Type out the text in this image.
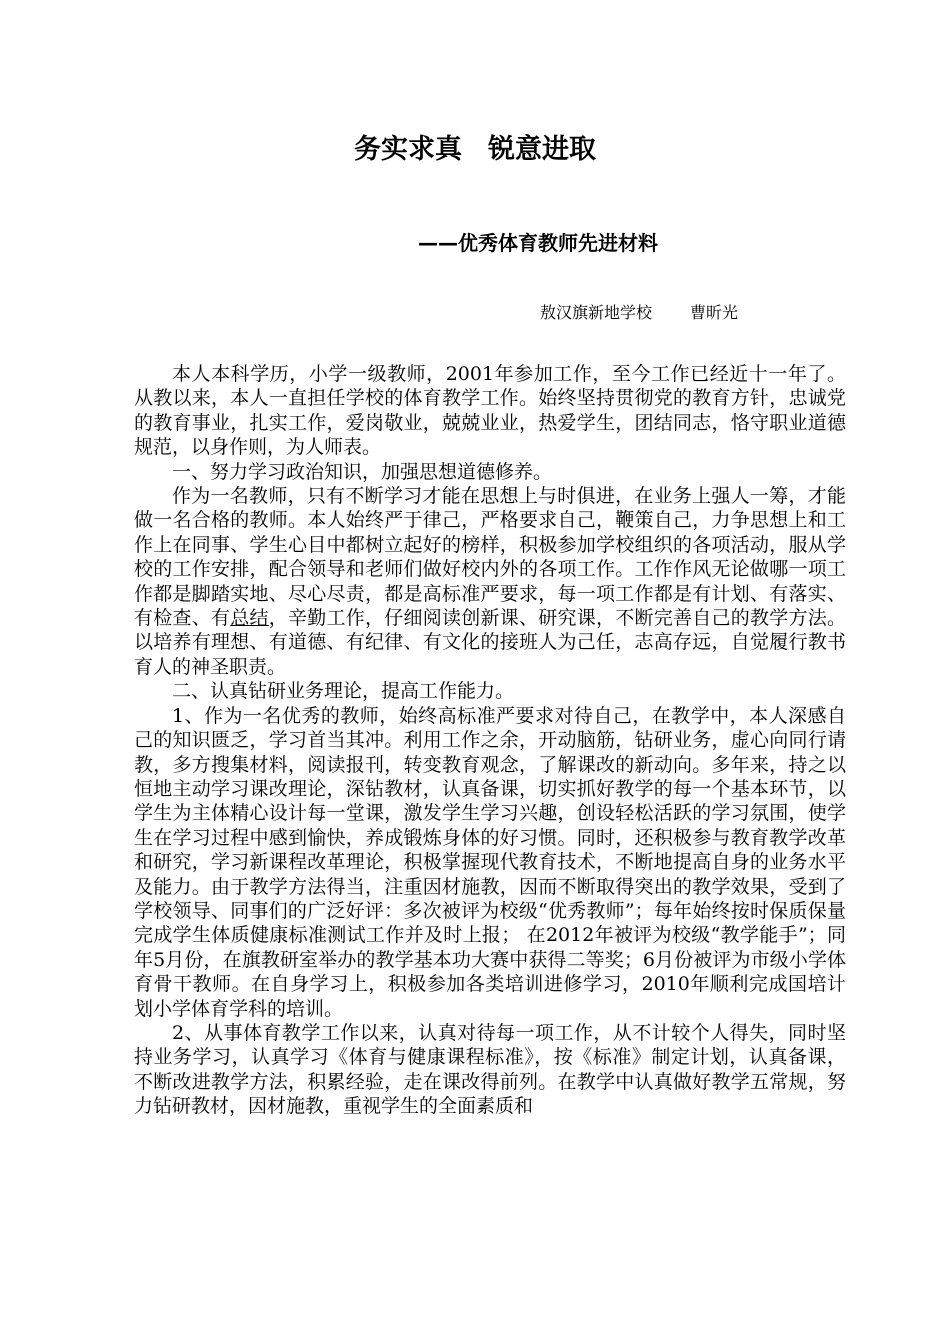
务实求真 锐意进取
——优秀体育教师先进材料
敖汉旗新地学校 曹昕光

本人本科学历，小学一级教师，2001年参加工作，至今工作已经近十一年了。从教以来，本人一直担任学校的体育教学工作。始终坚持贯彻党的教育方针，忠诚党的教育事业，扎实工作，爱岗敬业，兢兢业业，热爱学生，团结同志，恪守职业道德规范，以身作则，为人师表。

一、努力学习政治知识，加强思想道德修养。

作为一名教师，只有不断学习才能在思想上与时俱进，在业务上强人一筹，才能做一名合格的教师。本人始终严于律己，严格要求自己，鞭策自己，力争思想上和工作上在同事、学生心目中都树立起好的榜样，积极参加学校组织的各项活动，服从学校的工作安排，配合领导和老师们做好校内外的各项工作。工作作风无论做哪一项工作都是脚踏实地、尽心尽责，都是高标准严要求，每一项工作都是有计划、有落实、有检查、有总结，辛勤工作，仔细阅读创新课、研究课，不断完善自己的教学方法。以培养有理想、有道德、有纪律、有文化的接班人为己任，志高存远，自觉履行教书育人的神圣职责。

二、认真钻研业务理论，提高工作能力。

1、作为一名优秀的教师，始终高标准严要求对待自己，在教学中，本人深感自己的知识匮乏，学习首当其冲。利用工作之余，开动脑筋，钻研业务，虚心向同行请教，多方搜集材料，阅读报刊，转变教育观念，了解课改的新动向。多年来，持之以恒地主动学习课改理论，深钻教材，认真备课，切实抓好教学的每一个基本环节，以学生为主体精心设计每一堂课，激发学生学习兴趣，创设轻松活跃的学习氛围，使学生在学习过程中感到愉快，养成锻炼身体的好习惯。同时，还积极参与教育教学改革和研究，学习新课程改革理论，积极掌握现代教育技术，不断地提高自身的业务水平及能力。由于教学方法得当，注重因材施教，因而不断取得突出的教学效果，受到了学校领导、同事们的广泛好评：多次被评为校级“优秀教师”；每年始终按时保质保量完成学生体质健康标准测试工作并及时上报； 在2012年被评为校级“教学能手”；同年5月份，在旗教研室举办的教学基本功大赛中获得二等奖；6月份被评为市级小学体育骨干教师。在自身学习上，积极参加各类培训进修学习，2010年顺利完成国培计划小学体育学科的培训。

2、从事体育教学工作以来，认真对待每一项工作，从不计较个人得失，同时坚持业务学习，认真学习《体育与健康课程标准》，按《标准》制定计划，认真备课，不断改进教学方法，积累经验，走在课改得前列。在教学中认真做好教学五常规，努力钻研教材，因材施教，重视学生的全面素质和
